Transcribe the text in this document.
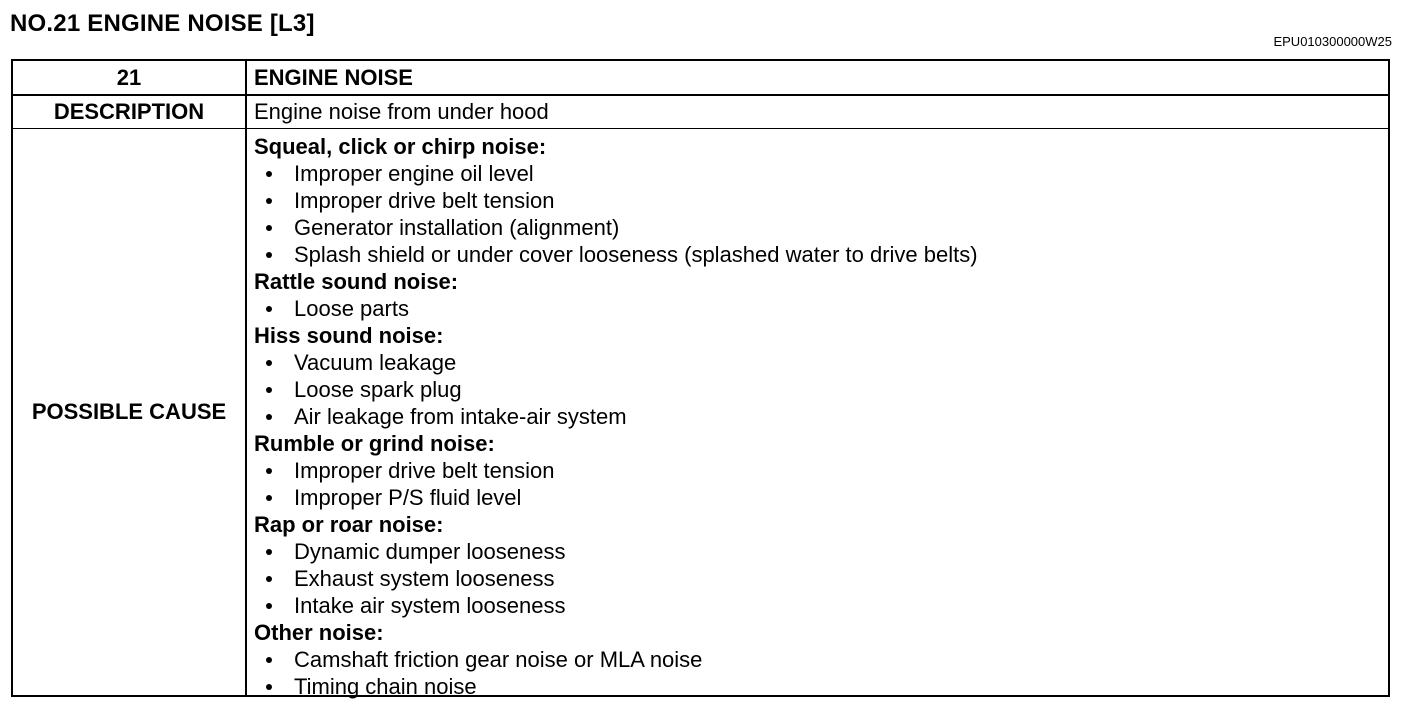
NO.21 ENGINE NOISE [L3]
EPU010300000W25
21	ENGINE NOISE
DESCRIPTION	Engine noise from under hood
POSSIBLE CAUSE
Squeal, click or chirp noise:
Improper engine oil level
Improper drive belt tension
Generator installation (alignment)
Splash shield or under cover looseness (splashed water to drive belts)
Rattle sound noise:
Loose parts
Hiss sound noise:
Vacuum leakage
Loose spark plug
Air leakage from intake-air system
Rumble or grind noise:
Improper drive belt tension
Improper P/S fluid level
Rap or roar noise:
Dynamic dumper looseness
Exhaust system looseness
Intake air system looseness
Other noise:
Camshaft friction gear noise or MLA noise
Timing chain noise
